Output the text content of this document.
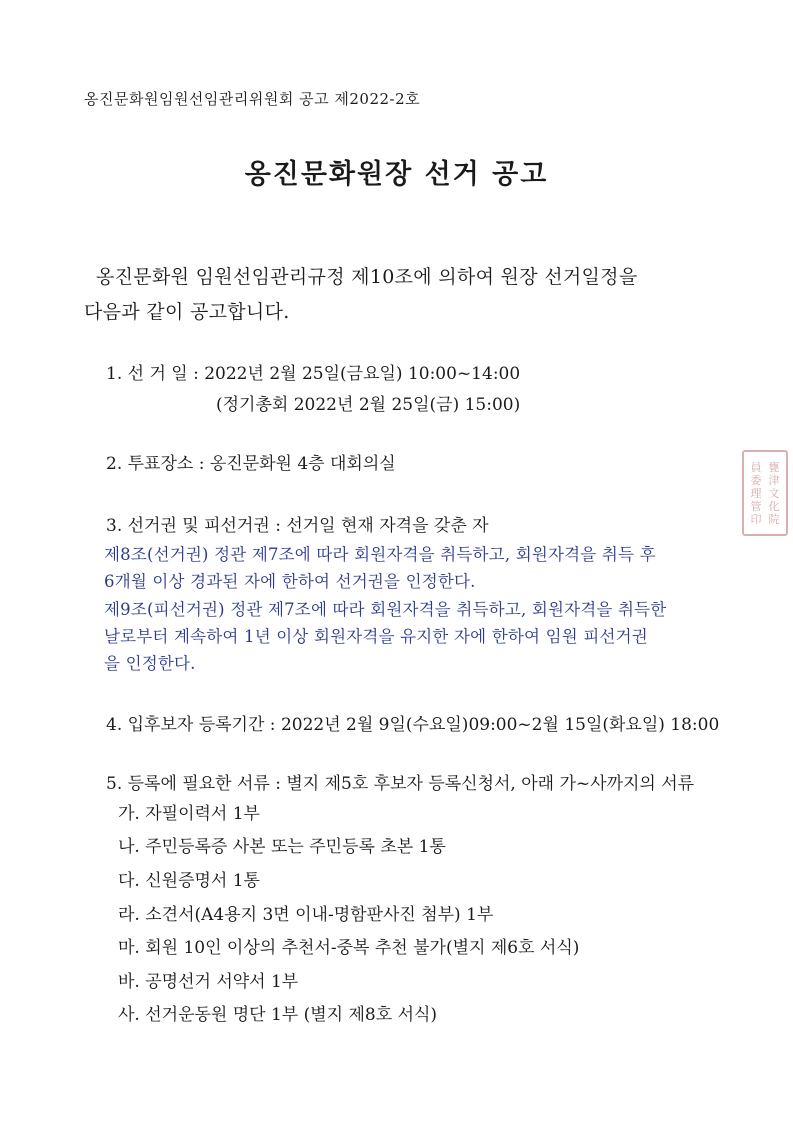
옹진문화원임원선임관리위원회 공고 제2022-2호
옹진문화원장 선거 공고
옹진문화원 임원선임관리규정 제10조에 의하여 원장 선거일정을
다음과 같이 공고합니다.
1. 선 거 일 : 2022년 2월 25일(금요일) 10:00~14:00
(정기총회 2022년 2월 25일(금) 15:00)
2. 투표장소 : 옹진문화원 4층 대회의실
3. 선거권 및 피선거권 : 선거일 현재 자격을 갖춘 자
제8조(선거권) 정관 제7조에 따라 회원자격을 취득하고, 회원자격을 취득 후
6개월 이상 경과된 자에 한하여 선거권을 인정한다.
제9조(피선거권) 정관 제7조에 따라 회원자격을 취득하고, 회원자격을 취득한
날로부터 계속하여 1년 이상 회원자격을 유지한 자에 한하여 임원 피선거권
을 인정한다.
4. 입후보자 등록기간 : 2022년 2월 9일(수요일)09:00~2월 15일(화요일) 18:00
5. 등록에 필요한 서류 : 별지 제5호 후보자 등록신청서, 아래 가~사까지의 서류
가. 자필이력서 1부
나. 주민등록증 사본 또는 주민등록 초본 1통
다. 신원증명서 1통
라. 소견서(A4용지 3면 이내-명함판사진 첨부) 1부
마. 회원 10인 이상의 추천서-중복 추천 불가(별지 제6호 서식)
바. 공명선거 서약서 1부
사. 선거운동원 명단 1부 (별지 제8호 서식)
員 甕
委 津
理 文
管 化
印 院
